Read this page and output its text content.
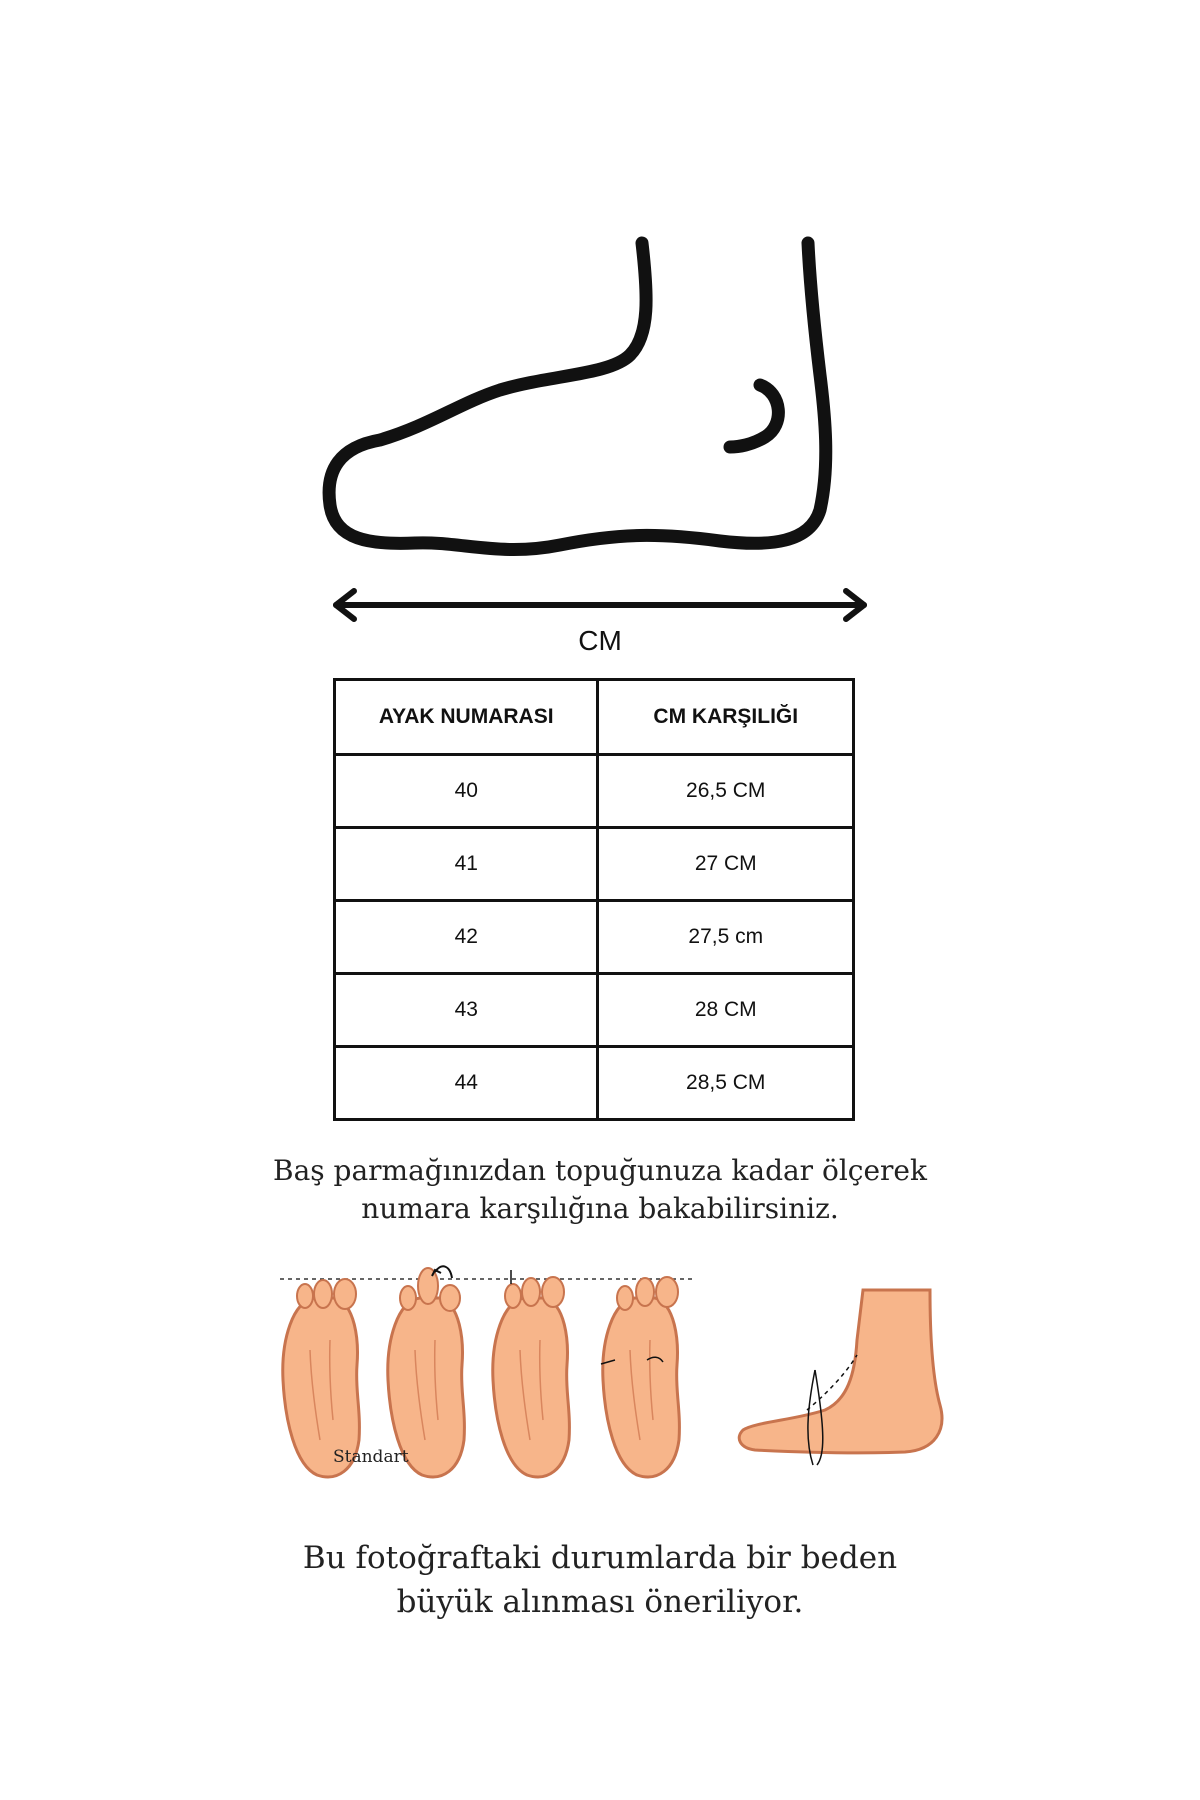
CM
AYAK NUMARASI	CM KARŞILIĞI
40	26,5 CM
41	27 CM
42	27,5 cm
43	28 CM
44	28,5 CM
Baş parmağınızdan topuğunuza kadar ölçerek
numara karşılığına bakabilirsiniz.
Standart
Bu fotoğraftaki durumlarda bir beden
büyük alınması öneriliyor.
